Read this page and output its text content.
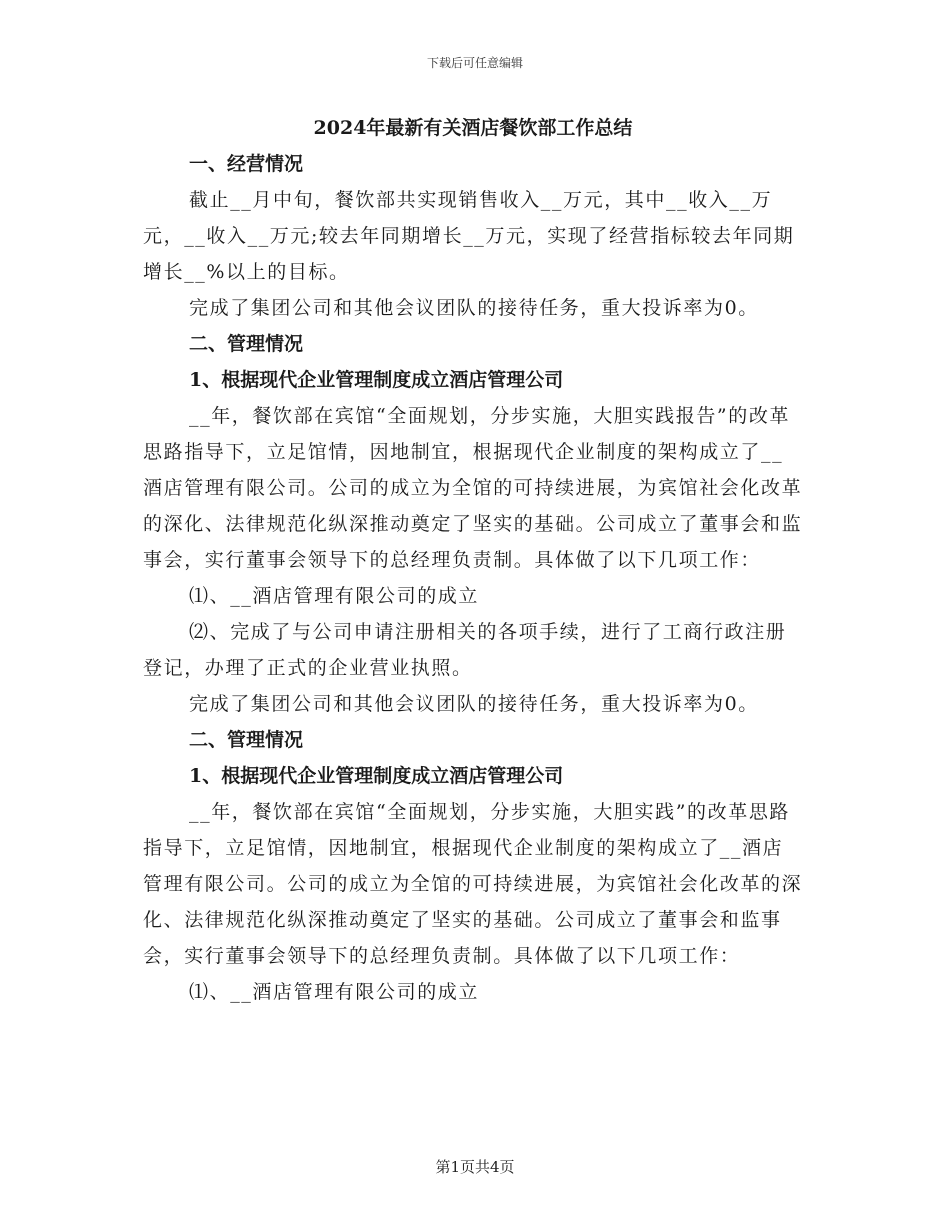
下载后可任意编辑
2024年最新有关酒店餐饮部工作总结
一、经营情况

截止__月中旬，餐饮部共实现销售收入__万元，其中__收入__万元，__收入__万元;较去年同期增长__万元，实现了经营指标较去年同期增长__%以上的目标。

完成了集团公司和其他会议团队的接待任务，重大投诉率为0。

二、管理情况
1、根据现代企业管理制度成立酒店管理公司

__年，餐饮部在宾馆“全面规划，分步实施，大胆实践报告”的改革思路指导下，立足馆情，因地制宜，根据现代企业制度的架构成立了__酒店管理有限公司。公司的成立为全馆的可持续进展，为宾馆社会化改革的深化、法律规范化纵深推动奠定了坚实的基础。公司成立了董事会和监事会，实行董事会领导下的总经理负责制。具体做了以下几项工作：

⑴、__酒店管理有限公司的成立

⑵、完成了与公司申请注册相关的各项手续，进行了工商行政注册登记，办理了正式的企业营业执照。

完成了集团公司和其他会议团队的接待任务，重大投诉率为0。

二、管理情况
1、根据现代企业管理制度成立酒店管理公司

__年，餐饮部在宾馆“全面规划，分步实施，大胆实践”的改革思路指导下，立足馆情，因地制宜，根据现代企业制度的架构成立了__酒店管理有限公司。公司的成立为全馆的可持续进展，为宾馆社会化改革的深化、法律规范化纵深推动奠定了坚实的基础。公司成立了董事会和监事会，实行董事会领导下的总经理负责制。具体做了以下几项工作：

⑴、__酒店管理有限公司的成立

第1页共4页
